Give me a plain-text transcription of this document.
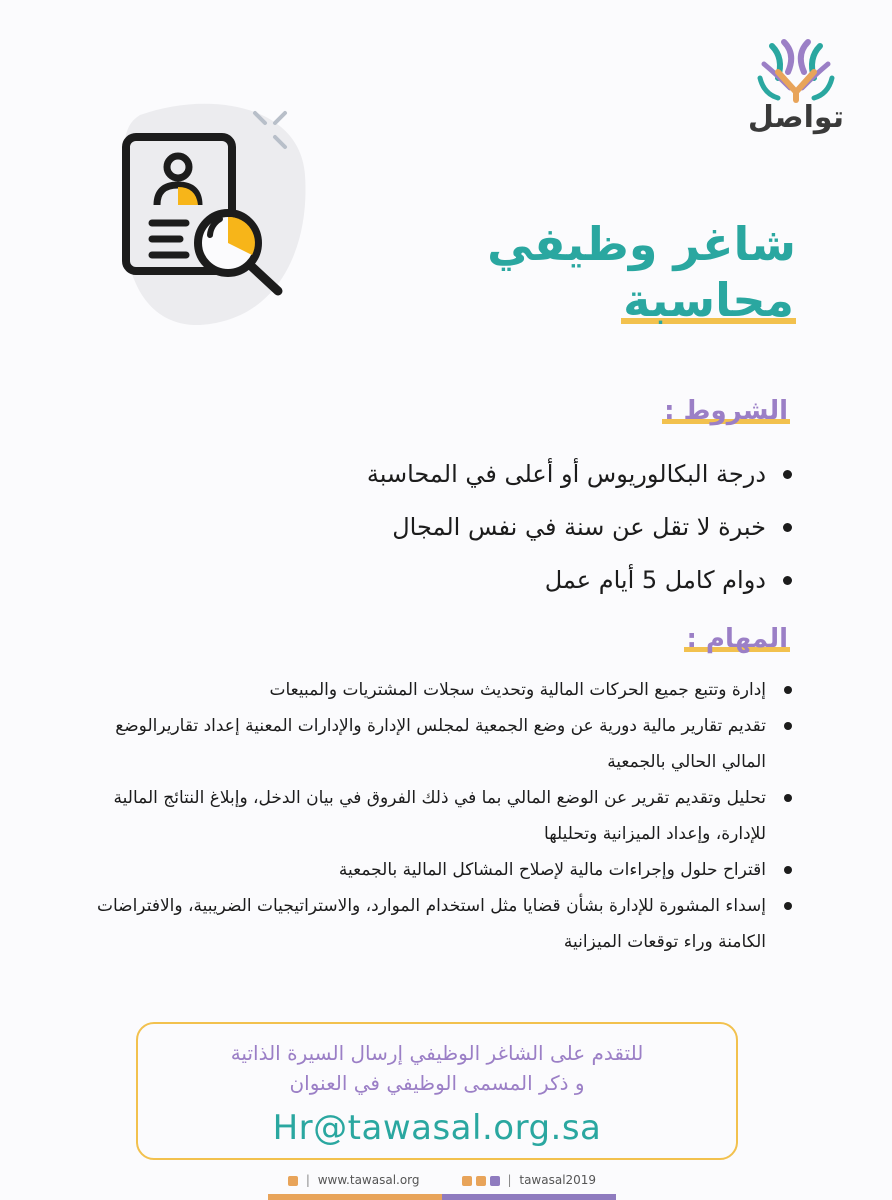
تواصل
شاغر وظيفي
محاسبة
الشروط :
درجة البكالوريوس أو أعلى في المحاسبة
خبرة لا تقل عن سنة في نفس المجال
دوام كامل 5 أيام عمل
المهام :
إدارة وتتبع جميع الحركات المالية وتحديث سجلات المشتريات والمبيعات
تقديم تقارير مالية دورية عن وضع الجمعية لمجلس الإدارة والإدارات المعنية إعداد تقاريرالوضع المالي الحالي بالجمعية
تحليل وتقديم تقرير عن الوضع المالي بما في ذلك الفروق في بيان الدخل، وإبلاغ النتائج المالية للإدارة، وإعداد الميزانية وتحليلها
اقتراح حلول وإجراءات مالية لإصلاح المشاكل المالية بالجمعية
إسداء المشورة للإدارة بشأن قضايا مثل استخدام الموارد، والاستراتيجيات الضريبية، والافتراضات الكامنة وراء توقعات الميزانية
للتقدم على الشاغر الوظيفي إرسال السيرة الذاتية
و ذكر المسمى الوظيفي في العنوان
Hr@tawasal.org.sa
| www.tawasal.org	| tawasal2019
